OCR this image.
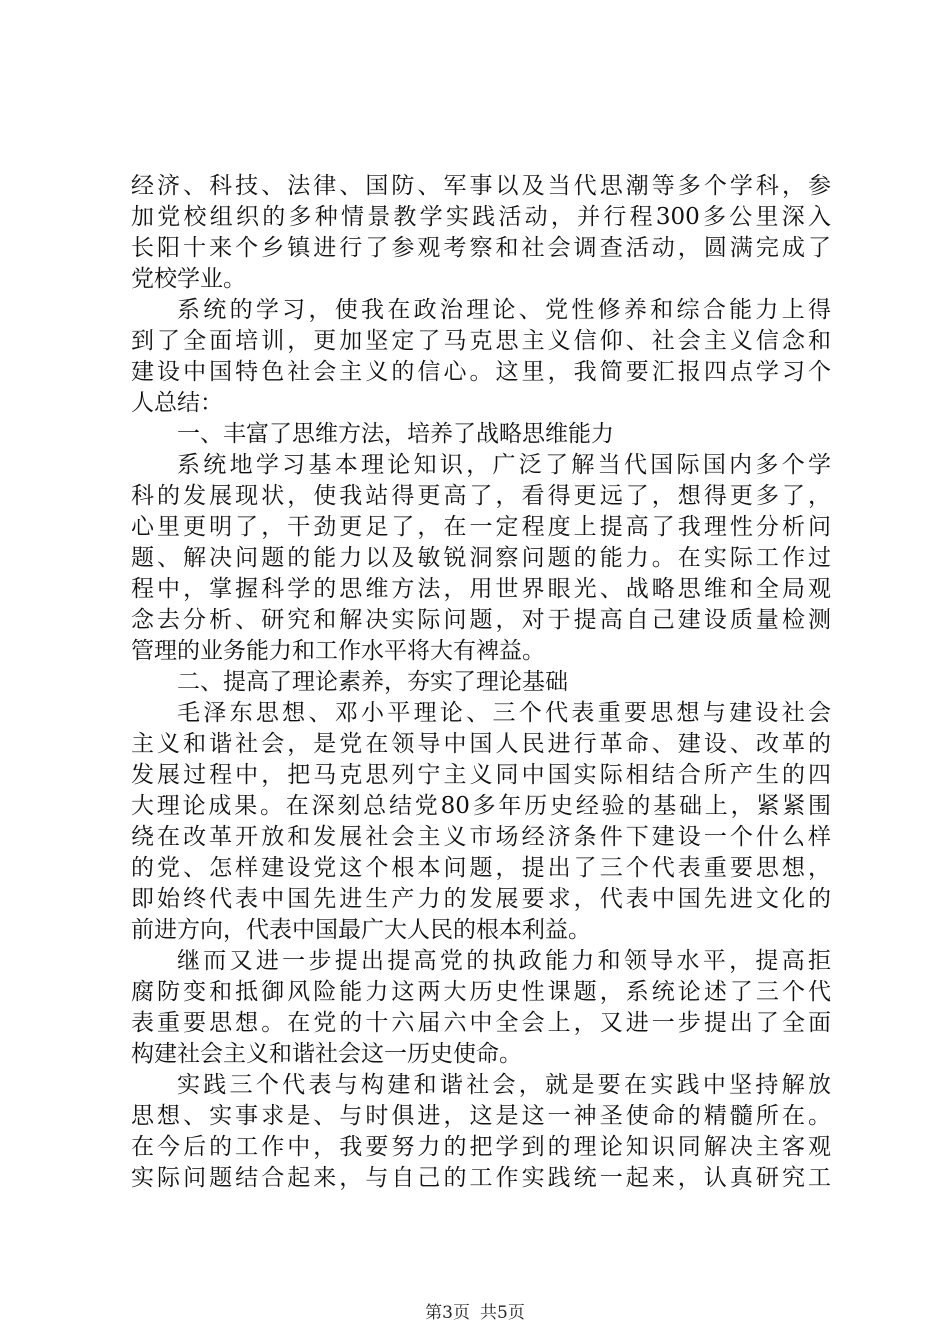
经济、科技、法律、国防、军事以及当代思潮等多个学科，参
加党校组织的多种情景教学实践活动，并行程300多公里深入
长阳十来个乡镇进行了参观考察和社会调查活动，圆满完成了
党校学业。
系统的学习，使我在政治理论、党性修养和综合能力上得
到了全面培训，更加坚定了马克思主义信仰、社会主义信念和
建设中国特色社会主义的信心。这里，我简要汇报四点学习个
人总结：
一、丰富了思维方法，培养了战略思维能力
系统地学习基本理论知识，广泛了解当代国际国内多个学
科的发展现状，使我站得更高了，看得更远了，想得更多了，
心里更明了，干劲更足了，在一定程度上提高了我理性分析问
题、解决问题的能力以及敏锐洞察问题的能力。在实际工作过
程中，掌握科学的思维方法，用世界眼光、战略思维和全局观
念去分析、研究和解决实际问题，对于提高自己建设质量检测
管理的业务能力和工作水平将大有裨益。
二、提高了理论素养，夯实了理论基础
毛泽东思想、邓小平理论、三个代表重要思想与建设社会
主义和谐社会，是党在领导中国人民进行革命、建设、改革的
发展过程中，把马克思列宁主义同中国实际相结合所产生的四
大理论成果。在深刻总结党80多年历史经验的基础上，紧紧围
绕在改革开放和发展社会主义市场经济条件下建设一个什么样
的党、怎样建设党这个根本问题，提出了三个代表重要思想，
即始终代表中国先进生产力的发展要求，代表中国先进文化的
前进方向，代表中国最广大人民的根本利益。
继而又进一步提出提高党的执政能力和领导水平，提高拒
腐防变和抵御风险能力这两大历史性课题，系统论述了三个代
表重要思想。在党的十六届六中全会上，又进一步提出了全面
构建社会主义和谐社会这一历史使命。
实践三个代表与构建和谐社会，就是要在实践中坚持解放
思想、实事求是、与时俱进，这是这一神圣使命的精髓所在。
在今后的工作中，我要努力的把学到的理论知识同解决主客观
实际问题结合起来，与自己的工作实践统一起来，认真研究工
第3页 共5页
